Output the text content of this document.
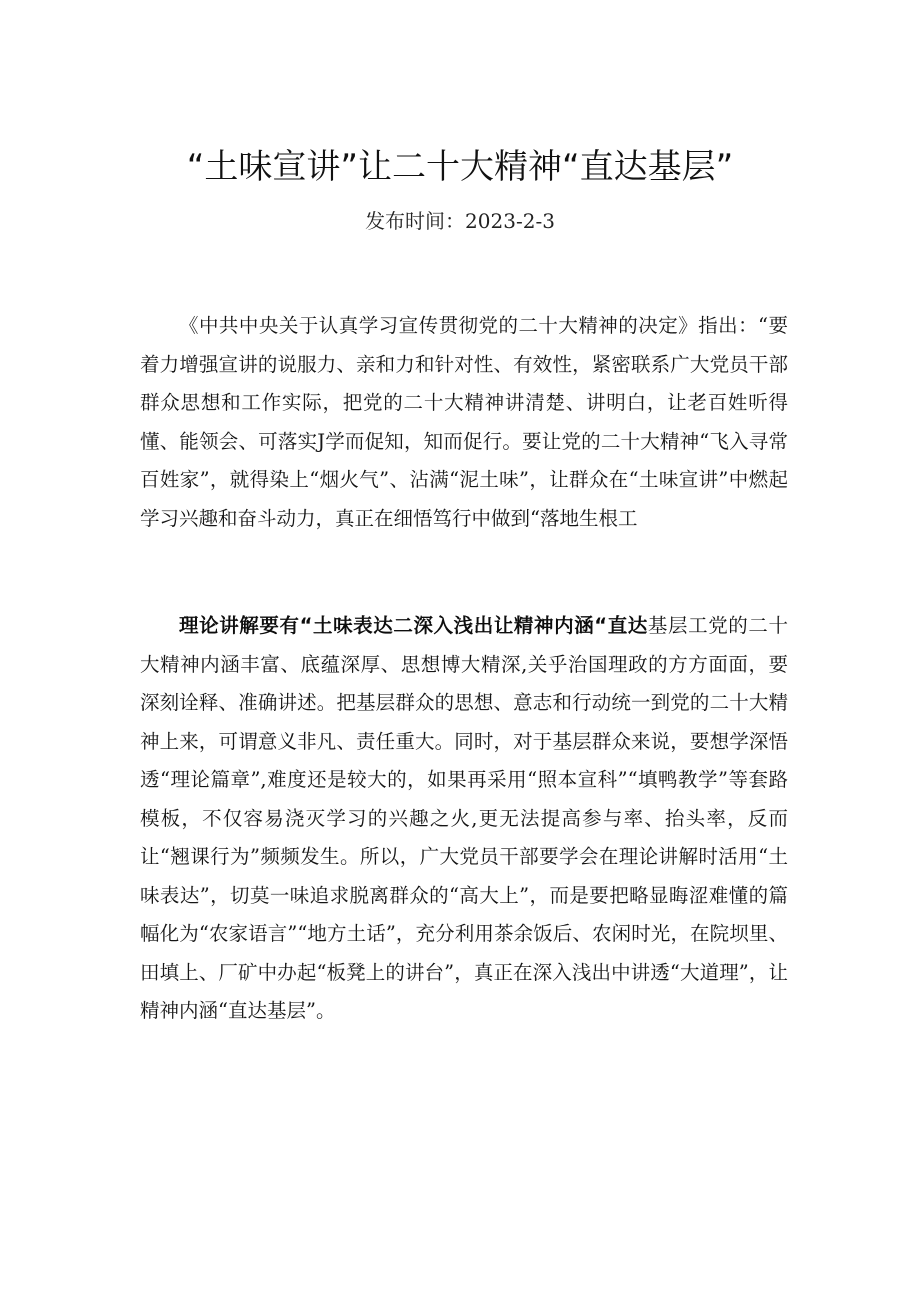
“土味宣讲”让二十大精神“直达基层”
发布时间：2023-2-3

《中共中央关于认真学习宣传贯彻党的二十大精神的决定》指出：“要着力增强宣讲的说服力、亲和力和针对性、有效性，紧密联系广大党员干部群众思想和工作实际，把党的二十大精神讲清楚、讲明白，让老百姓听得懂、能领会、可落实J学而促知，知而促行。要让党的二十大精神“飞入寻常百姓家”，就得染上“烟火气”、沾满“泥土味”，让群众在“土味宣讲”中燃起学习兴趣和奋斗动力，真正在细悟笃行中做到“落地生根工

理论讲解要有“土味表达二深入浅出让精神内涵“直达基层工党的二十大精神内涵丰富、底蕴深厚、思想博大精深,关乎治国理政的方方面面，要深刻诠释、准确讲述。把基层群众的思想、意志和行动统一到党的二十大精神上来，可谓意义非凡、责任重大。同时，对于基层群众来说，要想学深悟透“理论篇章”,难度还是较大的，如果再采用“照本宣科”“填鸭教学”等套路模板，不仅容易浇灭学习的兴趣之火,更无法提高参与率、抬头率，反而让“翘课行为”频频发生。所以，广大党员干部要学会在理论讲解时活用“土味表达”，切莫一味追求脱离群众的“高大上”，而是要把略显晦涩难懂的篇幅化为“农家语言”“地方土话”，充分利用茶余饭后、农闲时光，在院坝里、田填上、厂矿中办起“板凳上的讲台”，真正在深入浅出中讲透“大道理”，让精神内涵“直达基层”。
